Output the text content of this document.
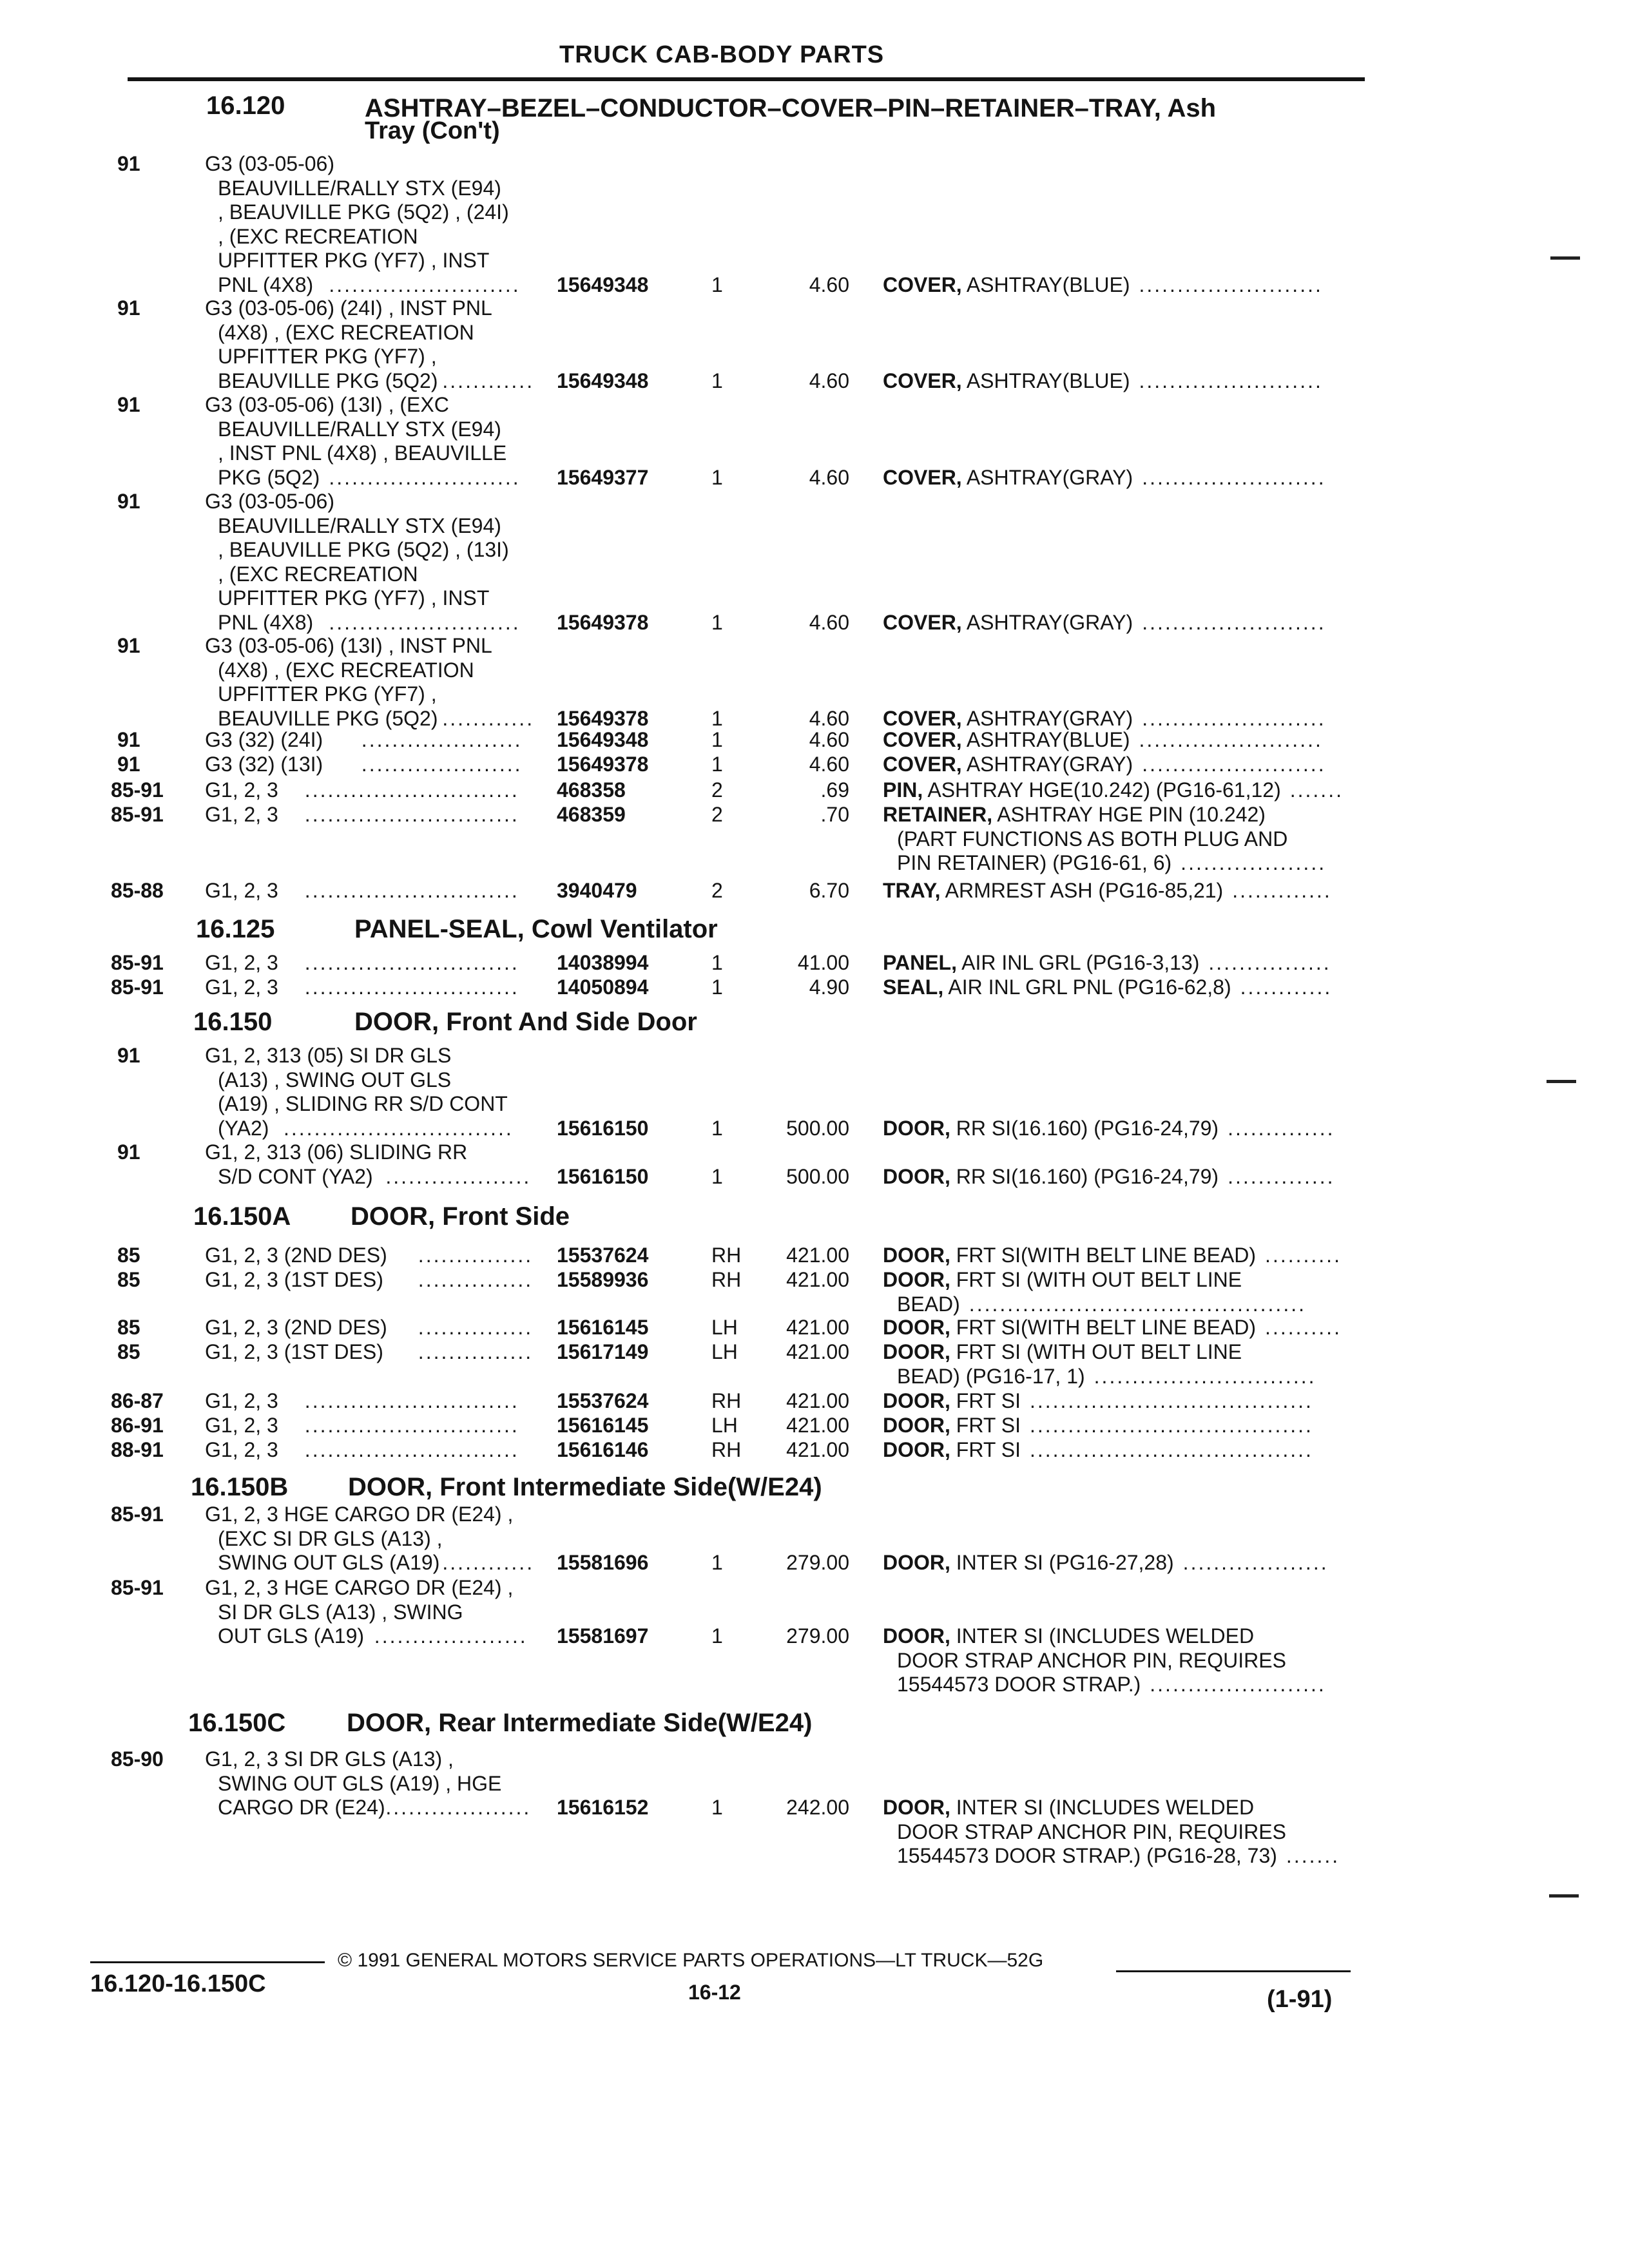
TRUCK CAB-BODY PARTS
16.120	ASHTRAY–BEZEL–CONDUCTOR–COVER–PIN–RETAINER–TRAY, Ash
Tray (Con't)
16.125	PANEL-SEAL, Cowl Ventilator
16.150	DOOR, Front And Side Door
16.150A DOOR, Front Side
16.150B DOOR, Front Intermediate Side(W/E24)
16.150C DOOR, Rear Intermediate Side(W/E24)
91	G3 (03-05-06)
BEAUVILLE/RALLY STX (E94)
, BEAUVILLE PKG (5Q2) , (24I)
, (EXC RECREATION
UPFITTER PKG (YF7) , INST
PNL (4X8) ......................... 15649348	1	4.60 COVER, ASHTRAY(BLUE) ........................
91	G3 (03-05-06) (24I) , INST PNL
(4X8) , (EXC RECREATION
UPFITTER PKG (YF7) ,
BEAUVILLE PKG (5Q2) ............ 15649348	1	4.60 COVER, ASHTRAY(BLUE) ........................
91	G3 (03-05-06) (13I) , (EXC
BEAUVILLE/RALLY STX (E94)
, INST PNL (4X8) , BEAUVILLE
PKG (5Q2) ......................... 15649377	1	4.60 COVER, ASHTRAY(GRAY) ........................
91	G3 (03-05-06)
BEAUVILLE/RALLY STX (E94)
, BEAUVILLE PKG (5Q2) , (13I)
, (EXC RECREATION
UPFITTER PKG (YF7) , INST
PNL (4X8) ......................... 15649378	1	4.60 COVER, ASHTRAY(GRAY) ........................
91	G3 (03-05-06) (13I) , INST PNL
(4X8) , (EXC RECREATION
UPFITTER PKG (YF7) ,
BEAUVILLE PKG (5Q2) ............ 15649378	1	4.60 COVER, ASHTRAY(GRAY) ........................
91	G3 (32) (24I) ..................... 15649348	1	4.60 COVER, ASHTRAY(BLUE) ........................
91	G3 (32) (13I) ..................... 15649378	1	4.60 COVER, ASHTRAY(GRAY) ........................
85-91 G1, 2, 3 ............................ 468358	2	.69 PIN, ASHTRAY HGE(10.242) (PG16-61,12) .......
85-91 G1, 2, 3 ............................ 468359	2	.70 RETAINER, ASHTRAY HGE PIN (10.242)
(PART FUNCTIONS AS BOTH PLUG AND
PIN RETAINER) (PG16-61, 6) ...................
85-88 G1, 2, 3 ............................ 3940479	2	6.70 TRAY, ARMREST ASH (PG16-85,21) .............
85-91 G1, 2, 3 ............................ 14038994	1	41.00 PANEL, AIR INL GRL (PG16-3,13) ................
85-91 G1, 2, 3 ............................ 14050894	1	4.90 SEAL, AIR INL GRL PNL (PG16-62,8) ............
91	G1, 2, 313 (05) SI DR GLS
(A13) , SWING OUT GLS
(A19) , SLIDING RR S/D CONT
(YA2) .............................. 15616150	1	500.00 DOOR, RR SI(16.160) (PG16-24,79) ..............
91	G1, 2, 313 (06) SLIDING RR
S/D CONT (YA2) ................... 15616150	1	500.00 DOOR, RR SI(16.160) (PG16-24,79) ..............
85	G1, 2, 3 (2ND DES) ............... 15537624	RH 421.00 DOOR, FRT SI(WITH BELT LINE BEAD) ..........
85	G1, 2, 3 (1ST DES) ............... 15589936	RH 421.00 DOOR, FRT SI (WITH OUT BELT LINE
BEAD) ............................................
85	G1, 2, 3 (2ND DES) ............... 15616145	LH 421.00 DOOR, FRT SI(WITH BELT LINE BEAD) ..........
85	G1, 2, 3 (1ST DES) ............... 15617149	LH 421.00 DOOR, FRT SI (WITH OUT BELT LINE
BEAD) (PG16-17, 1) .............................
86-87 G1, 2, 3 ............................ 15537624	RH 421.00 DOOR, FRT SI .....................................
86-91 G1, 2, 3 ............................ 15616145	LH 421.00 DOOR, FRT SI .....................................
88-91 G1, 2, 3 ............................ 15616146	RH 421.00 DOOR, FRT SI .....................................
85-91 G1, 2, 3 HGE CARGO DR (E24) ,
(EXC SI DR GLS (A13) ,
SWING OUT GLS (A19) ............ 15581696	1	279.00 DOOR, INTER SI (PG16-27,28) ...................
85-91 G1, 2, 3 HGE CARGO DR (E24) ,
SI DR GLS (A13) , SWING
OUT GLS (A19) .................... 15581697	1	279.00 DOOR, INTER SI (INCLUDES WELDED
DOOR STRAP ANCHOR PIN, REQUIRES
15544573 DOOR STRAP.) .......................
85-90 G1, 2, 3 SI DR GLS (A13) ,
SWING OUT GLS (A19) , HGE
CARGO DR (E24) ................... 15616152	1	242.00 DOOR, INTER SI (INCLUDES WELDED
DOOR STRAP ANCHOR PIN, REQUIRES
15544573 DOOR STRAP.) (PG16-28, 73) .......
© 1991 GENERAL MOTORS SERVICE PARTS OPERATIONS—LT TRUCK—52G
16.120-16.150C	16-12	(1-91)
